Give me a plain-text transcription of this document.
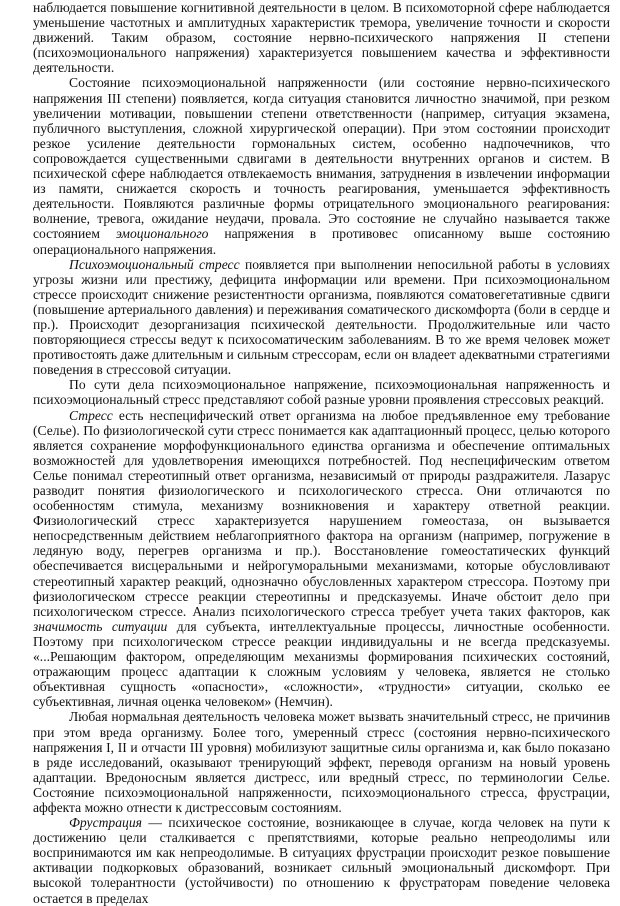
наблюдается повышение когнитивной деятельности в целом. В психомоторной сфере наблюдается уменьшение частотных и амплитудных характеристик тремора, увеличение точности и скорости движений. Таким образом, состояние нервно-психического напряжения II степени (психоэмоционального напряжения) характеризуется повышением качества и эффективности деятельности.

Состояние психоэмоциональной напряженности (или состояние нервно-психического напряжения III степени) появляется, когда ситуация становится личностно значимой, при резком увеличении мотивации, повышении степени ответственности (например, ситуация экзамена, публичного выступления, сложной хирургической операции). При этом состоянии происходит резкое усиление деятельности гормональных систем, особенно надпочечников, что сопровождается существенными сдвигами в деятельности внутренних органов и систем. В психической сфере наблюдается отвлекаемость внимания, затруднения в извлечении информации из памяти, снижается скорость и точность реагирования, уменьшается эффективность деятельности. Появляются различные формы отрицательного эмоционального реагирования: волнение, тревога, ожидание неудачи, провала. Это состояние не случайно называется также состоянием эмоционального напряжения в противовес описанному выше состоянию операционального напряжения.

Психоэмоциональный стресс появляется при выполнении непосильной работы в условиях угрозы жизни или престижу, дефицита информации или времени. При психоэмоциональном стрессе происходит снижение резистентности организма, появляются соматовегетативные сдвиги (повышение артериального давления) и переживания соматического дискомфорта (боли в сердце и пр.). Происходит дезорганизация психической деятельности. Продолжительные или часто повторяющиеся стрессы ведут к психосоматическим заболеваниям. В то же время человек может противостоять даже длительным и сильным стрессорам, если он владеет адекватными стратегиями поведения в стрессовой ситуации.

По сути дела психоэмоциональное напряжение, психоэмоциональная напряженность и психоэмоциональный стресс представляют собой разные уровни проявления стрессовых реакций.

Стресс есть неспецифический ответ организма на любое предъявленное ему требование (Селье). По физиологической сути стресс понимается как адаптационный процесс, целью которого является сохранение морфофункционального единства организма и обеспечение оптимальных возможностей для удовлетворения имеющихся потребностей. Под неспецифическим ответом Селье понимал стереотипный ответ организма, независимый от природы раздражителя. Лазарус разводит понятия физиологического и психологического стресса. Они отличаются по особенностям стимула, механизму возникновения и характеру ответной реакции. Физиологический стресс характеризуется нарушением гомеостаза, он вызывается непосредственным действием неблагоприятного фактора на организм (например, погружение в ледяную воду, перегрев организма и пр.). Восстановление гомеостатических функций обеспечивается висцеральными и нейрогуморальными механизмами, которые обусловливают стереотипный характер реакций, однозначно обусловленных характером стрессора. Поэтому при физиологическом стрессе реакции стереотипны и предсказуемы. Иначе обстоит дело при психологическом стрессе. Анализ психологического стресса требует учета таких факторов, как значимость ситуации для субъекта, интеллектуальные процессы, личностные особенности. Поэтому при психологическом стрессе реакции индивидуальны и не всегда предсказуемы. «...Решающим фактором, определяющим механизмы формирования психических состояний, отражающим процесс адаптации к сложным условиям у человека, является не столько объективная сущность «опасности», «сложности», «трудности» ситуации, сколько ее субъективная, личная оценка человеком» (Немчин).

Любая нормальная деятельность человека может вызвать значительный стресс, не причинив при этом вреда организму. Более того, умеренный стресс (состояния нервно-психического напряжения I, II и отчасти III уровня) мобилизуют защитные силы организма и, как было показано в ряде исследований, оказывают тренирующий эффект, переводя организм на новый уровень адаптации. Вредоносным является дистресс, или вредный стресс, по терминологии Селье. Состояние психоэмоциональной напряженности, психоэмоционального стресса, фрустрации, аффекта можно отнести к дистрессовым состояниям.

Фрустрация — психическое состояние, возникающее в случае, когда человек на пути к достижению цели сталкивается с препятствиями, которые реально непреодолимы или воспринимаются им как непреодолимые. В ситуациях фрустрации происходит резкое повышение активации подкорковых образований, возникает сильный эмоциональный дискомфорт. При высокой толерантности (устойчивости) по отношению к фрустраторам поведение человека остается в пределах
